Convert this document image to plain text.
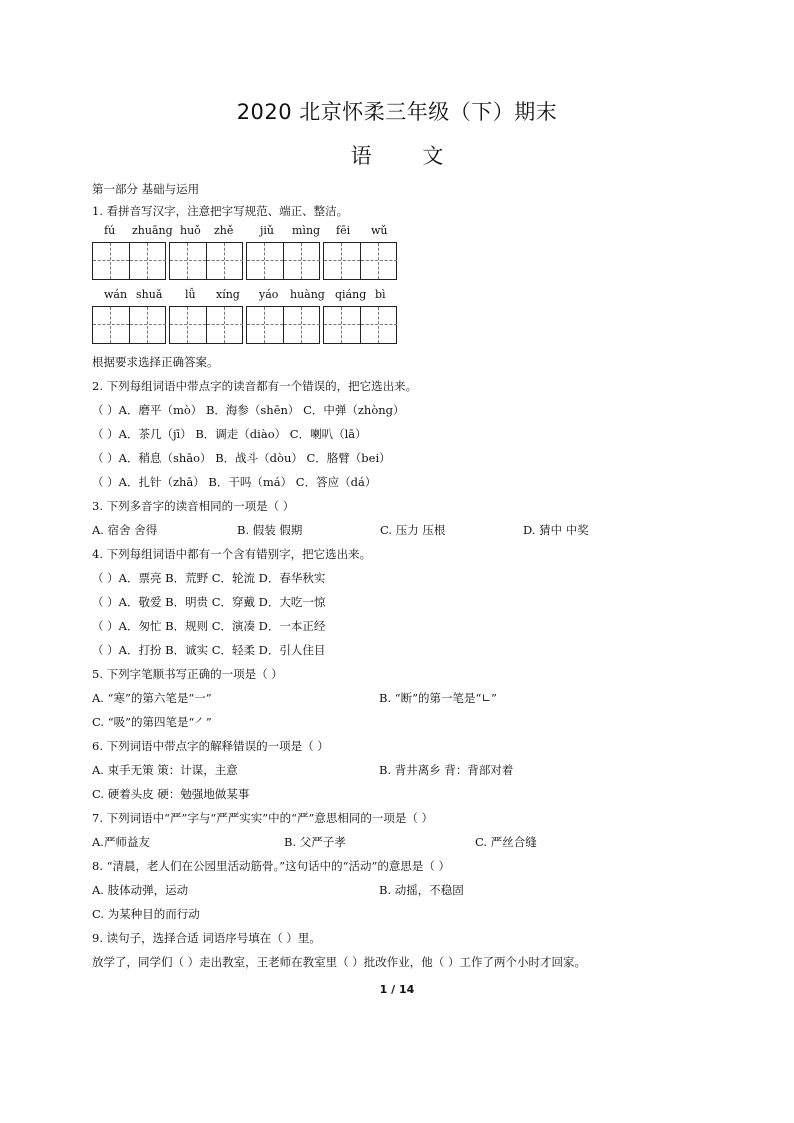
2020 北京怀柔三年级（下）期末
语 文
第一部分 基础与运用
1. 看拼音写汉字，注意把字写规范、端正、整洁。
fú zhuāng huǒ zhě jiǔ mìng fēi wǔ
wán shuǎ lǚ xíng yáo huàng qiáng bì
根据要求选择正确答案。
2. 下列每组词语中带点字的读音都有一个错误的，把它选出来。
（ ）A．磨平（mò） B．海参（shēn） C．中弹（zhòng）
（ ）A．茶几（jī） B．调走（diào） C．喇叭（lā）
（ ）A．稍息（shāo） B．战斗（dòu） C．胳臂（bei）
（ ）A．扎针（zhā） B．干吗（má） C．答应（dá）
3. 下列多音字的读音相同的一项是（ ）
A. 宿舍 舍得	B. 假装 假期	C. 压力 压根	D. 猜中 中奖
4. 下列每组词语中都有一个含有错别字，把它选出来。
（ ）A．票亮 B．荒野 C．轮流 D．春华秋实
（ ）A．敬爱 B．明贵 C．穿戴 D．大吃一惊
（ ）A．匆忙 B．规则 C．演凑 D．一本正经
（ ）A．打扮 B．诚实 C．轻柔 D．引人住目
5. 下列字笔顺书写正确的一项是（ ）
A. “寒”的第六笔是“一”	B. “断”的第一笔是“∟”
C. “吸”的第四笔是“㇒”
6. 下列词语中带点字的解释错误的一项是（ ）
A. 束手无策 策：计谋，主意	B. 背井离乡 背：背部对着
C. 硬着头皮 硬：勉强地做某事
7. 下列词语中“严”字与“严严实实”中的“严”意思相同的一项是（ ）
A.严师益友	B. 父严子孝	C. 严丝合缝
8. “清晨，老人们在公园里活动筋骨。”这句话中的“活动”的意思是（ ）
A. 肢体动弹，运动	B. 动摇，不稳固
C. 为某种目的而行动
9. 读句子，选择合适 词语序号填在（ ）里。
放学了，同学们（ ）走出教室，王老师在教室里（ ）批改作业，他（ ）工作了两个小时才回家。
1 / 14
